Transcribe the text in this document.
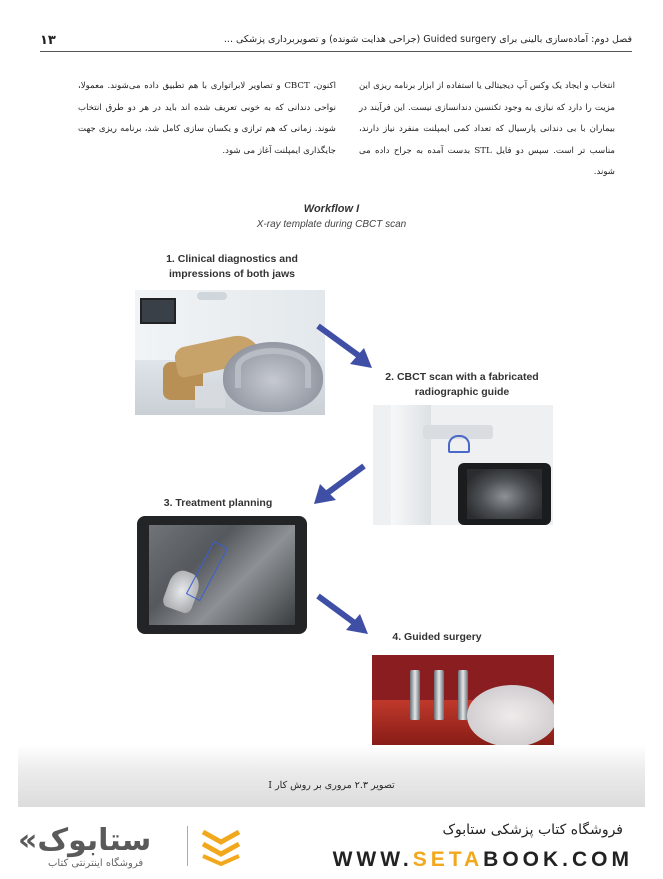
۱۳	فصل دوم: آماده‌سازی بالینی برای Guided surgery (جراحی هدایت شونده) و تصویربرداری پزشکی ...

انتخاب و ایجاد یک وکس آپ دیجیتالی یا استفاده از ابزار برنامه ریزی این مزیت را دارد که نیازی به وجود تکنسین دندانسازی نیست. این فرآیند در بیماران با بی دندانی پارسیال که تعداد کمی ایمپلنت منفرد نیاز دارند، مناسب تر است. سپس دو فایل STL بدست آمده به جراح داده می شوند.

اکنون، CBCT و تصاویر لابراتواری با هم تطبیق داده می‌شوند. معمولا، نواحی دندانی که به خوبی تعریف شده اند باید در هر دو طرق انتخاب شوند. زمانی که هم ترازی و یکسان سازی کامل شد، برنامه ریزی جهت جایگذاری ایمپلنت آغاز می شود.

Workflow I
X-ray template during CBCT scan
1. Clinical diagnostics and
impressions of both jaws
2. CBCT scan with a fabricated
radiographic guide
3. Treatment planning
4. Guided surgery
تصویر ۲.۳ مروری بر روش کار I
«ستابوک
فروشگاه اینترنتی کتاب
فروشگاه کتاب پزشکی ستابوک
WWW.SETABOOK.COM
